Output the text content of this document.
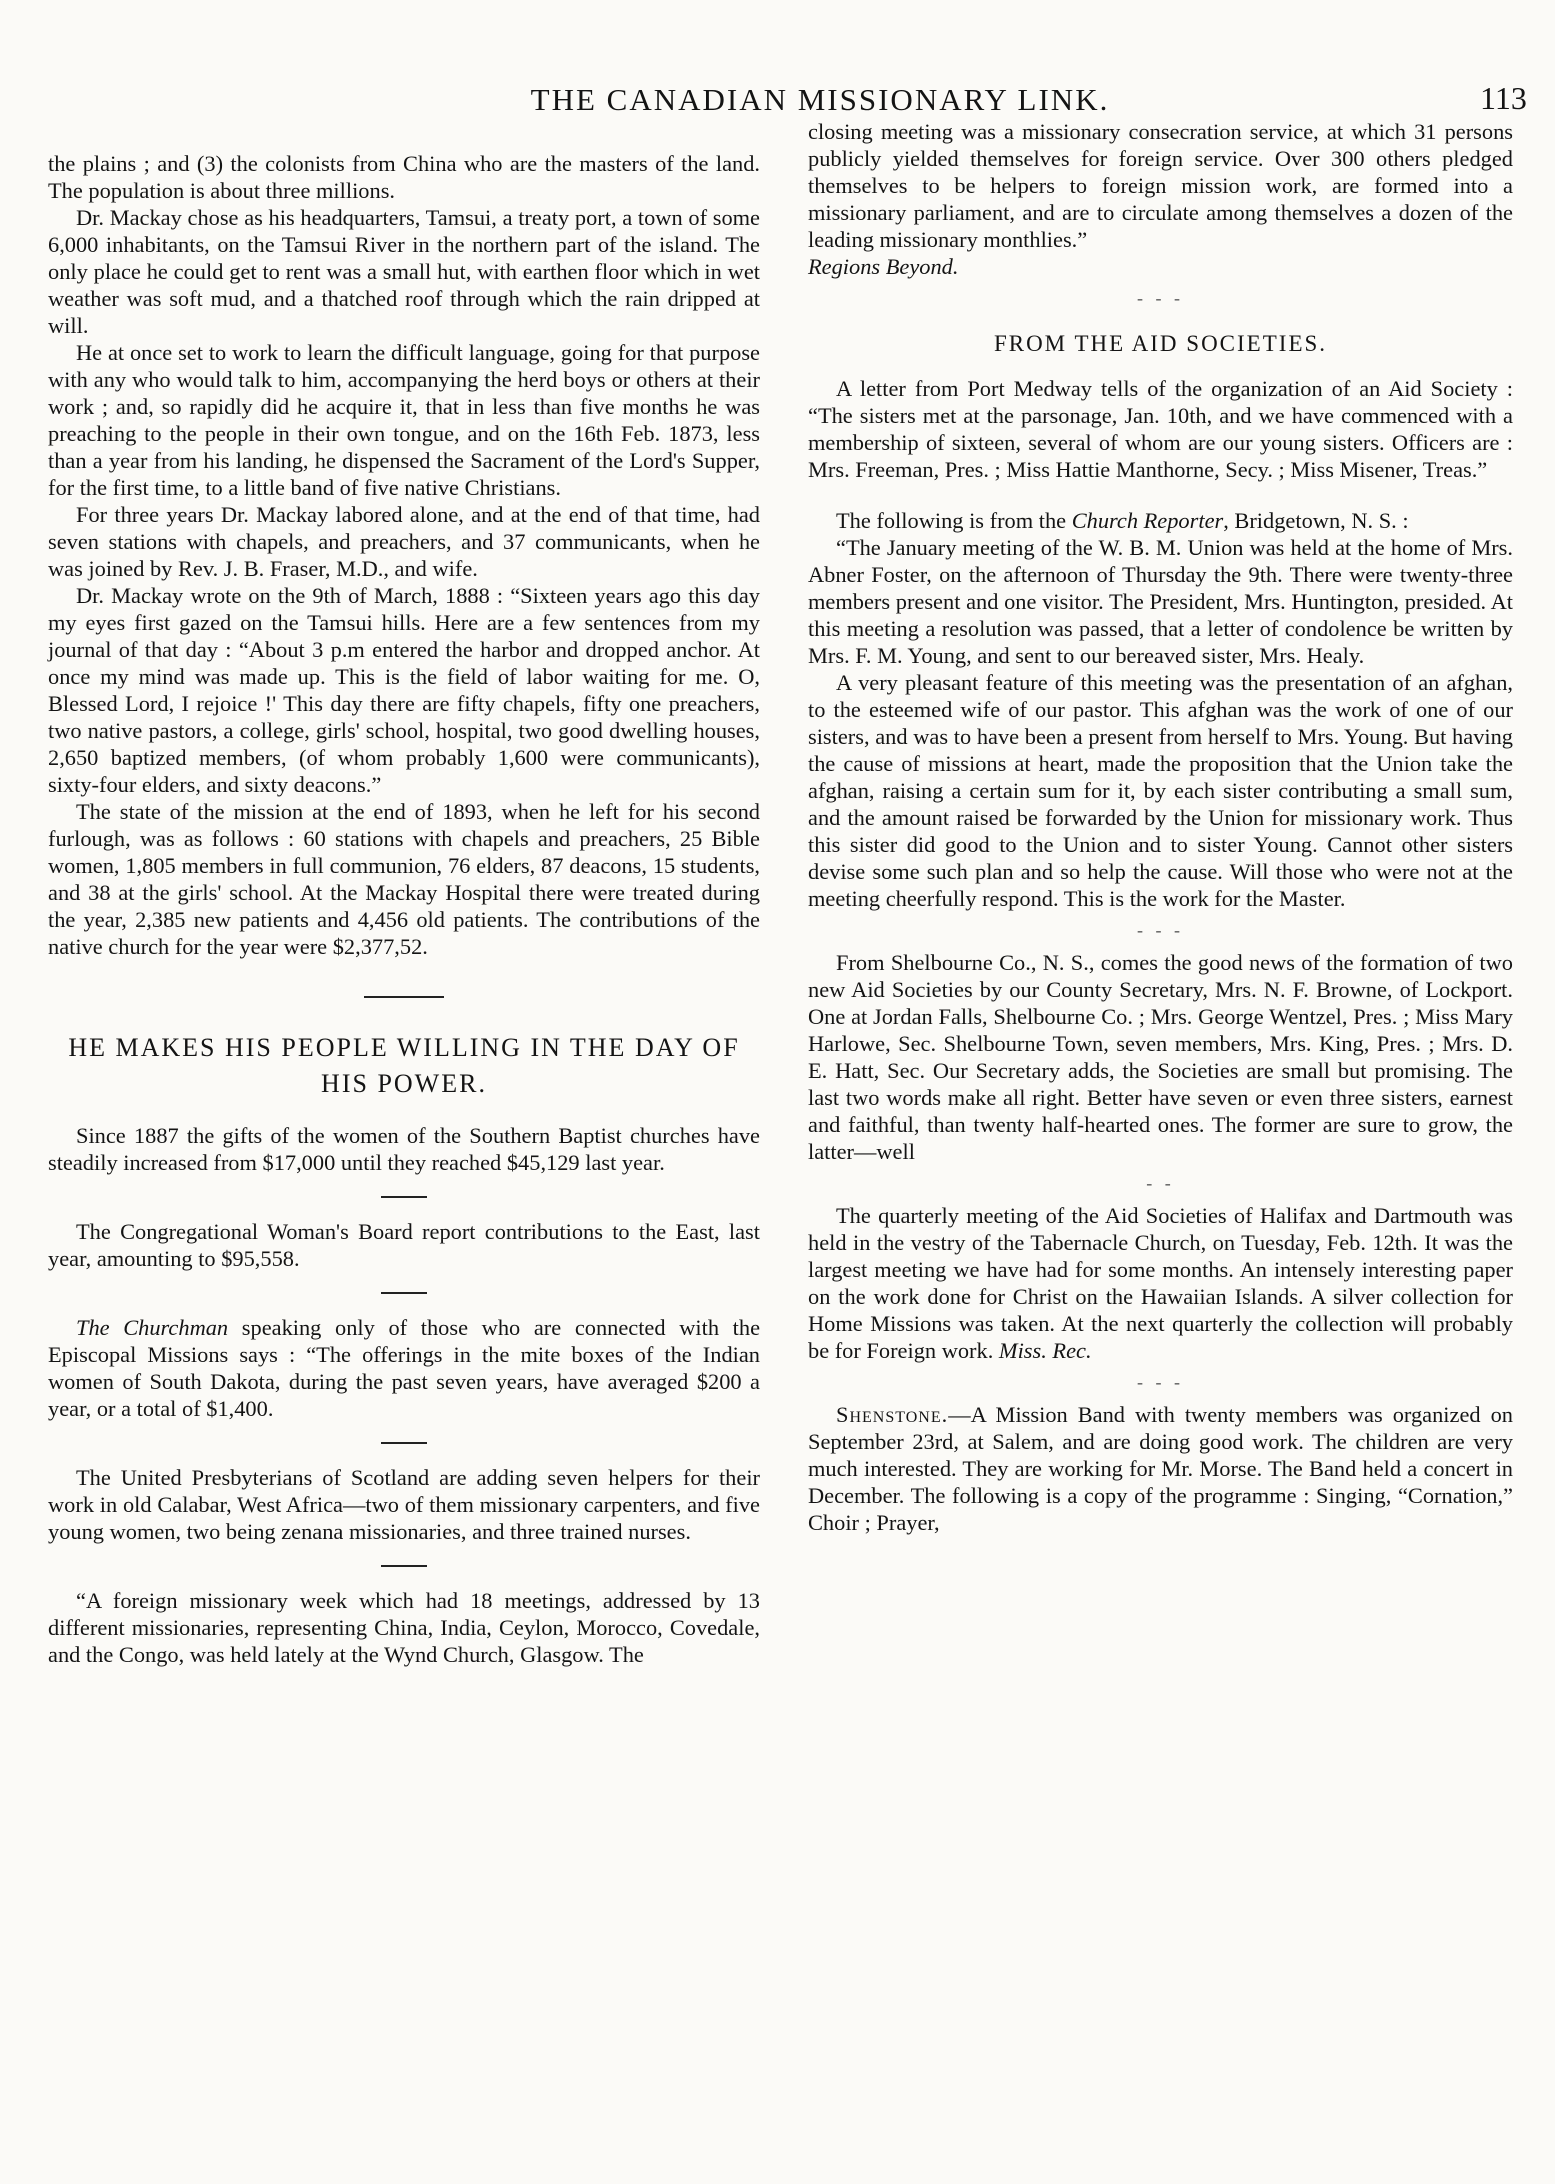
THE CANADIAN MISSIONARY LINK.	113

the plains ; and (3) the colonists from China who are the masters of the land. The population is about three millions.

Dr. Mackay chose as his headquarters, Tamsui, a treaty port, a town of some 6,000 inhabitants, on the Tamsui River in the northern part of the island. The only place he could get to rent was a small hut, with earthen floor which in wet weather was soft mud, and a thatched roof through which the rain dripped at will.

He at once set to work to learn the difficult language, going for that purpose with any who would talk to him, accompanying the herd boys or others at their work ; and, so rapidly did he acquire it, that in less than five months he was preaching to the people in their own tongue, and on the 16th Feb. 1873, less than a year from his landing, he dispensed the Sacrament of the Lord's Supper, for the first time, to a little band of five native Christians.

For three years Dr. Mackay labored alone, and at the end of that time, had seven stations with chapels, and preachers, and 37 communicants, when he was joined by Rev. J. B. Fraser, M.D., and wife.

Dr. Mackay wrote on the 9th of March, 1888 : “Sixteen years ago this day my eyes first gazed on the Tamsui hills. Here are a few sentences from my journal of that day : “About 3 p.m entered the harbor and dropped anchor. At once my mind was made up. This is the field of labor waiting for me. O, Blessed Lord, I rejoice !' This day there are fifty chapels, fifty one preachers, two native pastors, a college, girls' school, hospital, two good dwelling houses, 2,650 baptized members, (of whom probably 1,600 were communicants), sixty-four elders, and sixty deacons.”

The state of the mission at the end of 1893, when he left for his second furlough, was as follows : 60 stations with chapels and preachers, 25 Bible women, 1,805 members in full communion, 76 elders, 87 deacons, 15 students, and 38 at the girls' school. At the Mackay Hospital there were treated during the year, 2,385 new patients and 4,456 old patients. The contributions of the native church for the year were $2,377,52.

HE MAKES HIS PEOPLE WILLING IN THE DAY OF HIS POWER.

Since 1887 the gifts of the women of the Southern Baptist churches have steadily increased from $17,000 until they reached $45,129 last year.

The Congregational Woman's Board report contributions to the East, last year, amounting to $95,558.

The Churchman speaking only of those who are connected with the Episcopal Missions says : “The offerings in the mite boxes of the Indian women of South Dakota, during the past seven years, have averaged $200 a year, or a total of $1,400.

The United Presbyterians of Scotland are adding seven helpers for their work in old Calabar, West Africa—two of them missionary carpenters, and five young women, two being zenana missionaries, and three trained nurses.

“A foreign missionary week which had 18 meetings, addressed by 13 different missionaries, representing China, India, Ceylon, Morocco, Covedale, and the Congo, was held lately at the Wynd Church, Glasgow. The

closing meeting was a missionary consecration service, at which 31 persons publicly yielded themselves for foreign service. Over 300 others pledged themselves to be helpers to foreign mission work, are formed into a missionary parliament, and are to circulate among themselves a dozen of the leading missionary monthlies.”

Regions Beyond.

- - -
FROM THE AID SOCIETIES.

A letter from Port Medway tells of the organization of an Aid Society : “The sisters met at the parsonage, Jan. 10th, and we have commenced with a membership of sixteen, several of whom are our young sisters. Officers are : Mrs. Freeman, Pres. ; Miss Hattie Manthorne, Secy. ; Miss Misener, Treas.”

The following is from the Church Reporter, Bridgetown, N. S. :

“The January meeting of the W. B. M. Union was held at the home of Mrs. Abner Foster, on the afternoon of Thursday the 9th. There were twenty-three members present and one visitor. The President, Mrs. Huntington, presided. At this meeting a resolution was passed, that a letter of condolence be written by Mrs. F. M. Young, and sent to our bereaved sister, Mrs. Healy.

A very pleasant feature of this meeting was the presentation of an afghan, to the esteemed wife of our pastor. This afghan was the work of one of our sisters, and was to have been a present from herself to Mrs. Young. But having the cause of missions at heart, made the proposition that the Union take the afghan, raising a certain sum for it, by each sister contributing a small sum, and the amount raised be forwarded by the Union for missionary work. Thus this sister did good to the Union and to sister Young. Cannot other sisters devise some such plan and so help the cause. Will those who were not at the meeting cheerfully respond. This is the work for the Master.

- - -

From Shelbourne Co., N. S., comes the good news of the formation of two new Aid Societies by our County Secretary, Mrs. N. F. Browne, of Lockport. One at Jordan Falls, Shelbourne Co. ; Mrs. George Wentzel, Pres. ; Miss Mary Harlowe, Sec. Shelbourne Town, seven members, Mrs. King, Pres. ; Mrs. D. E. Hatt, Sec. Our Secretary adds, the Societies are small but promising. The last two words make all right. Better have seven or even three sisters, earnest and faithful, than twenty half-hearted ones. The former are sure to grow, the latter—well

- -

The quarterly meeting of the Aid Societies of Halifax and Dartmouth was held in the vestry of the Tabernacle Church, on Tuesday, Feb. 12th. It was the largest meeting we have had for some months. An intensely interesting paper on the work done for Christ on the Hawaiian Islands. A silver collection for Home Missions was taken. At the next quarterly the collection will probably be for Foreign work. Miss. Rec.

- - -

Shenstone.—A Mission Band with twenty members was organized on September 23rd, at Salem, and are doing good work. The children are very much interested. They are working for Mr. Morse. The Band held a concert in December. The following is a copy of the programme : Singing, “Cornation,” Choir ; Prayer,
